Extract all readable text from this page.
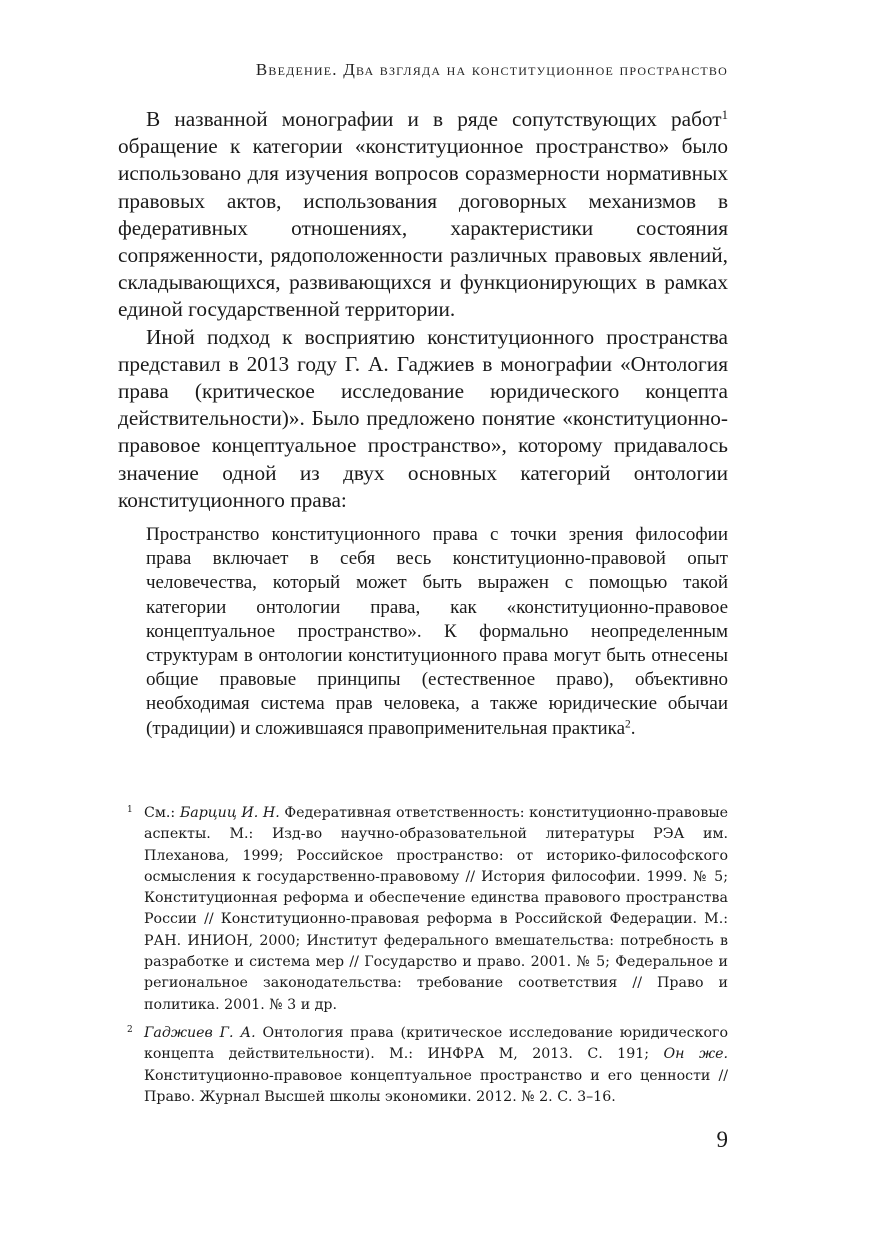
Введение. Два взгляда на конституционное пространство

В названной монографии и в ряде сопутствующих работ$^1$ обращение к категории «конституционное пространство» было использовано для изучения вопросов соразмерности нормативных правовых актов, использования договорных механизмов в федеративных отношениях, характеристики состояния сопряженности, рядоположенности различных правовых явлений, складывающихся, развивающихся и функционирующих в рамках единой государственной территории.

Иной подход к восприятию конституционного пространства представил в 2013 году Г. А. Гаджиев в монографии «Онтология права (критическое исследование юридического концепта действительности)». Было предложено понятие «конституционно-правовое концептуальное пространство», которому придавалось значение одной из двух основных категорий онтологии конституционного права:

Пространство конституционного права с точки зрения философии права включает в себя весь конституционно-правовой опыт человечества, который может быть выражен с помощью такой категории онтологии права, как «конституционно-правовое концептуальное пространство». К формально неопределенным структурам в онтологии конституционного права могут быть отнесены общие правовые принципы (естественное право), объективно необходимая система прав человека, а также юридические обычаи (традиции) и сложившаяся правоприменительная практика$^2$.

1 См.: Барциц И. Н. Федеративная ответственность: конституционно-правовые аспекты. М.: Изд-во научно-образовательной литературы РЭА им. Плеханова, 1999; Российское пространство: от историко-философского осмысления к государственно-правовому // История философии. 1999. № 5; Конституционная реформа и обеспечение единства правового пространства России // Конституционно-правовая реформа в Российской Федерации. М.: РАН. ИНИОН, 2000; Институт федерального вмешательства: потребность в разработке и система мер // Государство и право. 2001. № 5; Федеральное и региональное законодательства: требование соответствия // Право и политика. 2001. № 3 и др.
2 Гаджиев Г. А. Онтология права (критическое исследование юридического концепта действительности). М.: ИНФРА М, 2013. С. 191; Он же. Конституционно-правовое концептуальное пространство и его ценности // Право. Журнал Высшей школы экономики. 2012. № 2. С. 3–16.
9
